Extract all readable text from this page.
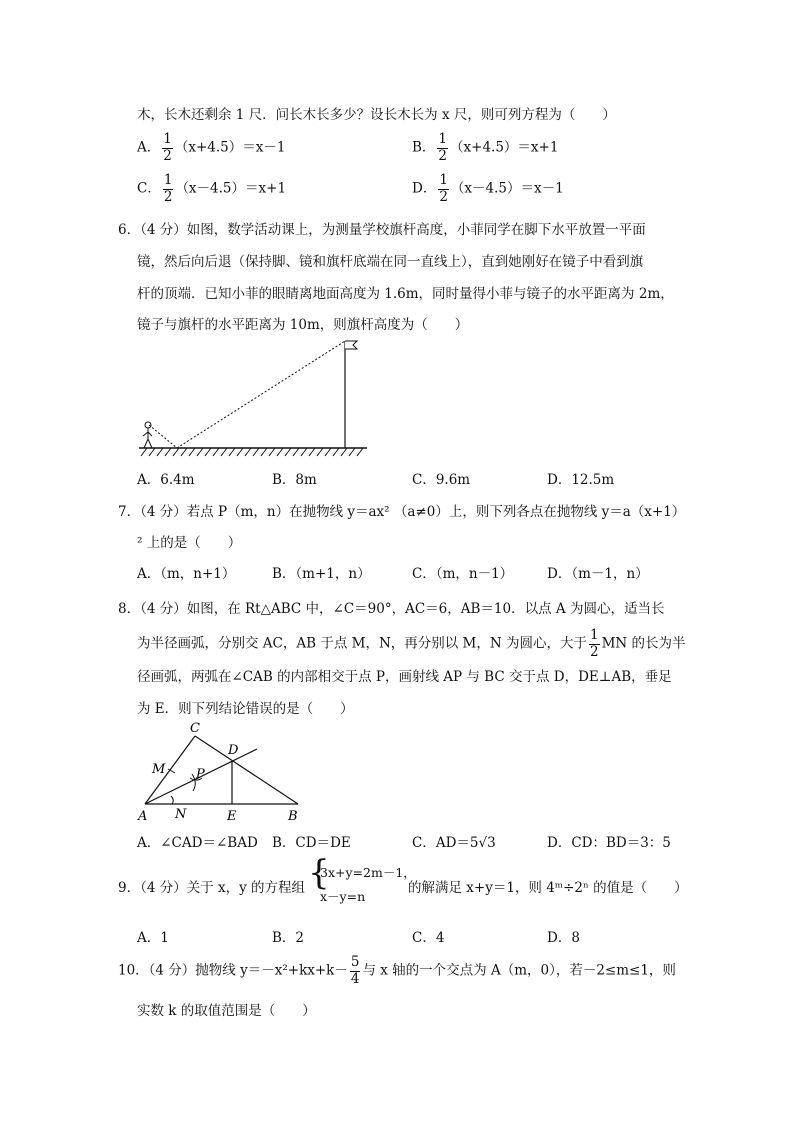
木，长木还剩余 1 尺．问长木长多少？设长木长为 x 尺，则可列方程为（　　）
A． $\frac{1}{2} (x+4.5)=x-1$	B． $\frac{1}{2} (x+4.5)=x+1$
C． $\frac{1}{2} (x-4.5)=x+1$	D． $\frac{1}{2} (x-4.5)=x-1$
6．（4 分）如图，数学活动课上，为测量学校旗杆高度，小菲同学在脚下水平放置一平面
镜，然后向后退（保持脚、镜和旗杆底端在同一直线上），直到她刚好在镜子中看到旗
杆的顶端．已知小菲的眼睛离地面高度为 1.6m，同时量得小菲与镜子的水平距离为 2m，
镜子与旗杆的水平距离为 10m，则旗杆高度为（　　）
A．6.4m	B．8m	C．9.6m	D．12.5m
7．（4 分）若点 P（m，n）在抛物线 y＝ax² （a≠0）上，则下列各点在抛物线 y＝a（x+1）
² 上的是（　　）
A．（m，n+1）	B．（m+1，n）	C．（m，n－1）	D．（m－1，n）
8．（4 分）如图，在 Rt△ABC 中，∠C＝90°，AC＝6，AB＝10．以点 A 为圆心，适当长
为半径画弧，分别交 AC，AB 于点 M，N，再分别以 M，N 为圆心，大于 $\frac{1}{2}$ MN 的长为半
径画弧，两弧在∠CAB 的内部相交于点 P，画射线 AP 与 BC 交于点 D，DE⊥AB，垂足
为 E．则下列结论错误的是（　　）
C
D
M P
A N	E	B
A．∠CAD＝∠BAD B．CD＝DE	C．AD＝5√3	D．CD：BD＝3：5
9．（4 分）关于 x，y 的方程组 {
3x+y=2m－1，
x－y=n
的解满足 x+y＝1，则 4ᵐ÷2ⁿ 的值是（　　）
A．1	B．2	C．4	D．8
10．（4 分）抛物线 $y=-x^2+kx+k- \frac{5}{4}$ 与 x 轴的一个交点为 A（m，0），若－2≤m≤1，则
实数 k 的取值范围是（　　）
